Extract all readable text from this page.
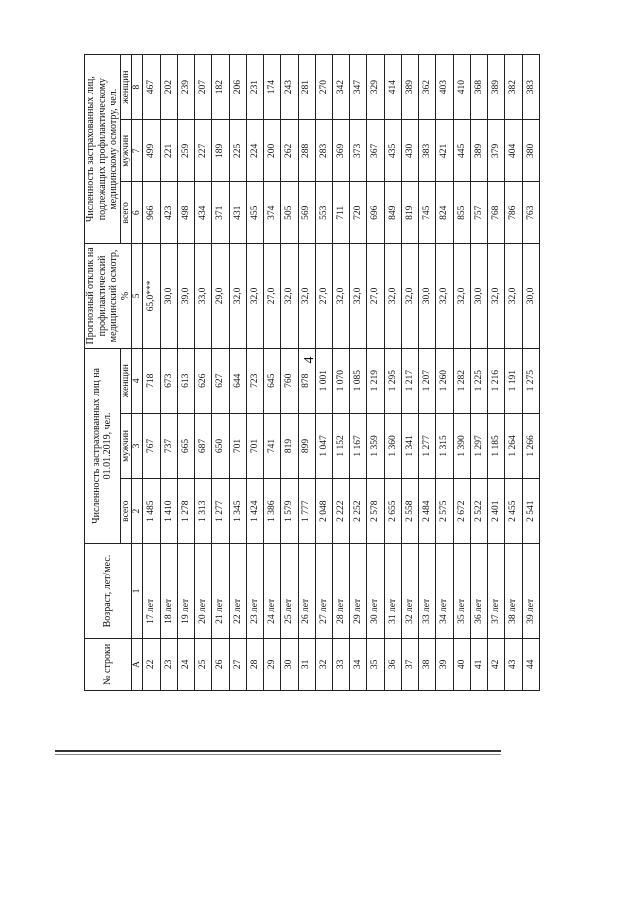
4
№ строки	Возраст, лет/мес.	Численность застрахованных лиц на 01.01.2019, чел.			Прогнозный отклик на профилактический медицинский осмотр, %	Численность застрахованных лиц, подлежащих профилактическому медицинскому осмотру, чел.		
		всего	мужчин	женщин		всего	мужчин	женщин
А	1	2	3	4	5	6	7	8
22	17 лет	1 485	767	718	65,0***	966	499	467
23	18 лет	1 410	737	673	30,0	423	221	202
24	19 лет	1 278	665	613	39,0	498	259	239
25	20 лет	1 313	687	626	33,0	434	227	207
26	21 лет	1 277	650	627	29,0	371	189	182
27	22 лет	1 345	701	644	32,0	431	225	206
28	23 лет	1 424	701	723	32,0	455	224	231
29	24 лет	1 386	741	645	27,0	374	200	174
30	25 лет	1 579	819	760	32,0	505	262	243
31	26 лет	1 777	899	878	32,0	569	288	281
32	27 лет	2 048	1 047	1 001	27,0	553	283	270
33	28 лет	2 222	1 152	1 070	32,0	711	369	342
34	29 лет	2 252	1 167	1 085	32,0	720	373	347
35	30 лет	2 578	1 359	1 219	27,0	696	367	329
36	31 лет	2 655	1 360	1 295	32,0	849	435	414
37	32 лет	2 558	1 341	1 217	32,0	819	430	389
38	33 лет	2 484	1 277	1 207	30,0	745	383	362
39	34 лет	2 575	1 315	1 260	32,0	824	421	403
40	35 лет	2 672	1 390	1 282	32,0	855	445	410
41	36 лет	2 522	1 297	1 225	30,0	757	389	368
42	37 лет	2 401	1 185	1 216	32,0	768	379	389
43	38 лет	2 455	1 264	1 191	32,0	786	404	382
44	39 лет	2 541	1 266	1 275	30,0	763	380	383
